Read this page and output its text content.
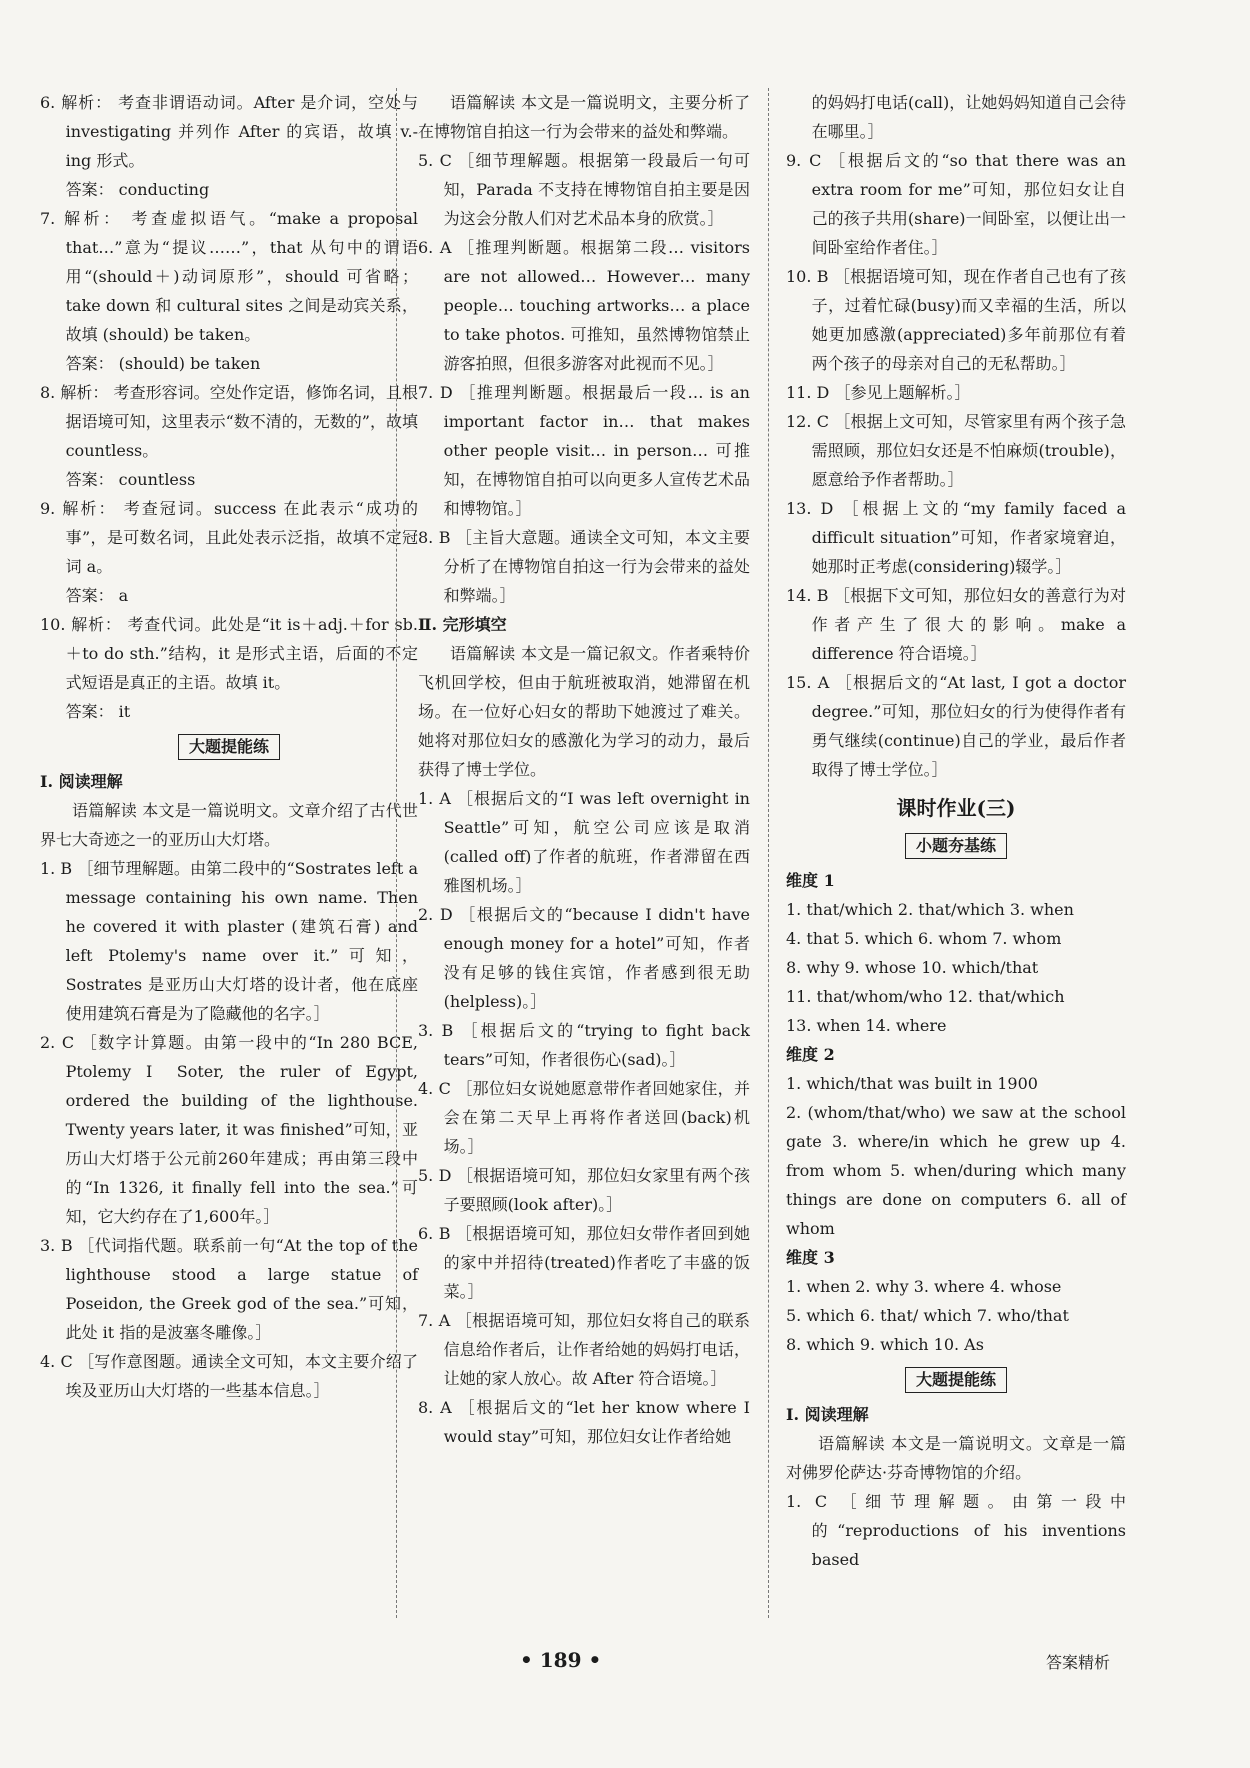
6. 解析： 考查非谓语动词。After 是介词，空处与 investigating 并列作 After 的宾语，故填 v.-ing 形式。

答案： conducting

7. 解析： 考查虚拟语气。“make a proposal that…”意为“提议……”，that 从句中的谓语用“(should＋)动词原形”，should 可省略；take down 和 cultural sites 之间是动宾关系，故填 (should) be taken。

答案： (should) be taken

8. 解析： 考查形容词。空处作定语，修饰名词，且根据语境可知，这里表示“数不清的，无数的”，故填 countless。

答案： countless

9. 解析： 考查冠词。success 在此表示“成功的事”，是可数名词，且此处表示泛指，故填不定冠词 a。

答案： a

10. 解析： 考查代词。此处是“it is＋adj.＋for sb.＋to do sth.”结构，it 是形式主语，后面的不定式短语是真正的主语。故填 it。

答案： it

大题提能练

Ⅰ. 阅读理解

语篇解读 本文是一篇说明文。文章介绍了古代世界七大奇迹之一的亚历山大灯塔。

1. B ［细节理解题。由第二段中的“Sostrates left a message containing his own name. Then he covered it with plaster (建筑石膏) and left Ptolemy's name over it.”可知，Sostrates 是亚历山大灯塔的设计者，他在底座使用建筑石膏是为了隐藏他的名字。］

2. C ［数字计算题。由第一段中的“In 280 BCE, Ptolemy Ⅰ Soter, the ruler of Egypt, ordered the building of the lighthouse. Twenty years later, it was finished”可知，亚历山大灯塔于公元前260年建成；再由第三段中的“In 1326, it finally fell into the sea.”可知，它大约存在了1,600年。］

3. B ［代词指代题。联系前一句“At the top of the lighthouse stood a large statue of Poseidon, the Greek god of the sea.”可知，此处 it 指的是波塞冬雕像。］

4. C ［写作意图题。通读全文可知，本文主要介绍了埃及亚历山大灯塔的一些基本信息。］

语篇解读 本文是一篇说明文，主要分析了在博物馆自拍这一行为会带来的益处和弊端。

5. C ［细节理解题。根据第一段最后一句可知，Parada 不支持在博物馆自拍主要是因为这会分散人们对艺术品本身的欣赏。］

6. A ［推理判断题。根据第二段… visitors are not allowed… However… many people… touching artworks… a place to take photos. 可推知，虽然博物馆禁止游客拍照，但很多游客对此视而不见。］

7. D ［推理判断题。根据最后一段… is an important factor in… that makes other people visit… in person… 可推知，在博物馆自拍可以向更多人宣传艺术品和博物馆。］

8. B ［主旨大意题。通读全文可知，本文主要分析了在博物馆自拍这一行为会带来的益处和弊端。］

Ⅱ. 完形填空

语篇解读 本文是一篇记叙文。作者乘特价飞机回学校，但由于航班被取消，她滞留在机场。在一位好心妇女的帮助下她渡过了难关。她将对那位妇女的感激化为学习的动力，最后获得了博士学位。

1. A ［根据后文的“I was left overnight in Seattle”可知，航空公司应该是取消(called off)了作者的航班，作者滞留在西雅图机场。］

2. D ［根据后文的“because I didn't have enough money for a hotel”可知，作者没有足够的钱住宾馆，作者感到很无助(helpless)。］

3. B ［根据后文的“trying to fight back tears”可知，作者很伤心(sad)。］

4. C ［那位妇女说她愿意带作者回她家住，并会在第二天早上再将作者送回(back)机场。］

5. D ［根据语境可知，那位妇女家里有两个孩子要照顾(look after)。］

6. B ［根据语境可知，那位妇女带作者回到她的家中并招待(treated)作者吃了丰盛的饭菜。］

7. A ［根据语境可知，那位妇女将自己的联系信息给作者后，让作者给她的妈妈打电话，让她的家人放心。故 After 符合语境。］

8. A ［根据后文的“let her know where I would stay”可知，那位妇女让作者给她

的妈妈打电话(call)，让她妈妈知道自己会待在哪里。］

9. C ［根据后文的“so that there was an extra room for me”可知，那位妇女让自己的孩子共用(share)一间卧室，以便让出一间卧室给作者住。］

10. B ［根据语境可知，现在作者自己也有了孩子，过着忙碌(busy)而又幸福的生活，所以她更加感激(appreciated)多年前那位有着两个孩子的母亲对自己的无私帮助。］

11. D ［参见上题解析。］

12. C ［根据上文可知，尽管家里有两个孩子急需照顾，那位妇女还是不怕麻烦(trouble)，愿意给予作者帮助。］

13. D ［根据上文的“my family faced a difficult situation”可知，作者家境窘迫，她那时正考虑(considering)辍学。］

14. B ［根据下文可知，那位妇女的善意行为对作者产生了很大的影响。make a difference 符合语境。］

15. A ［根据后文的“At last, I got a doctor degree.”可知，那位妇女的行为使得作者有勇气继续(continue)自己的学业，最后作者取得了博士学位。］

课时作业(三)

小题夯基练

维度 1

1. that/which 2. that/which 3. when

4. that 5. which 6. whom 7. whom

8. why 9. whose 10. which/that

11. that/whom/who 12. that/which

13. when 14. where

维度 2

1. which/that was built in 1900

2. (whom/that/who) we saw at the school gate 3. where/in which he grew up 4. from whom 5. when/during which many things are done on computers 6. all of whom

维度 3

1. when 2. why 3. where 4. whose

5. which 6. that/ which 7. who/that

8. which 9. which 10. As

大题提能练

Ⅰ. 阅读理解

语篇解读 本文是一篇说明文。文章是一篇对佛罗伦萨达·芬奇博物馆的介绍。

1. C ［细节理解题。由第一段中的“reproductions of his inventions based

• 189 •	答案精析
